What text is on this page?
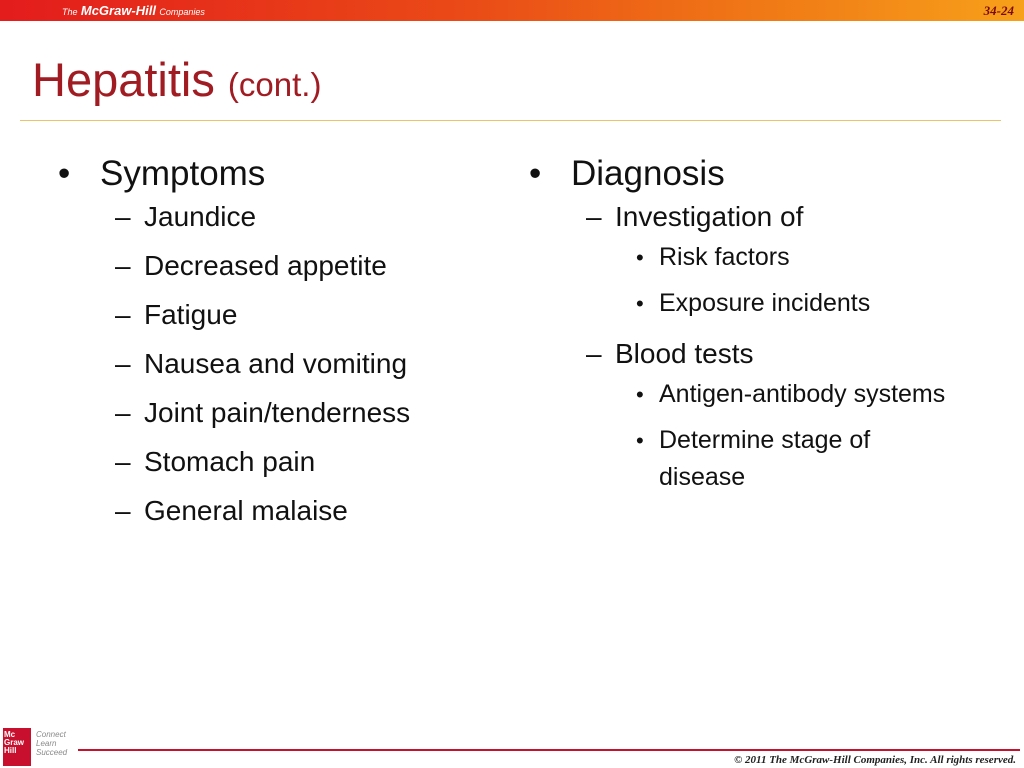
The McGraw-Hill Companies	34-24
Hepatitis (cont.)
• Symptoms
– Jaundice
– Decreased appetite
– Fatigue
– Nausea and vomiting
– Joint pain/tenderness
– Stomach pain
– General malaise
• Diagnosis
– Investigation of
• Risk factors
• Exposure incidents
– Blood tests
• Antigen-antibody systems
• Determine stage of disease
Mc
Graw
Hill
Connect
Learn
Succeed
© 2011 The McGraw-Hill Companies, Inc. All rights reserved.
